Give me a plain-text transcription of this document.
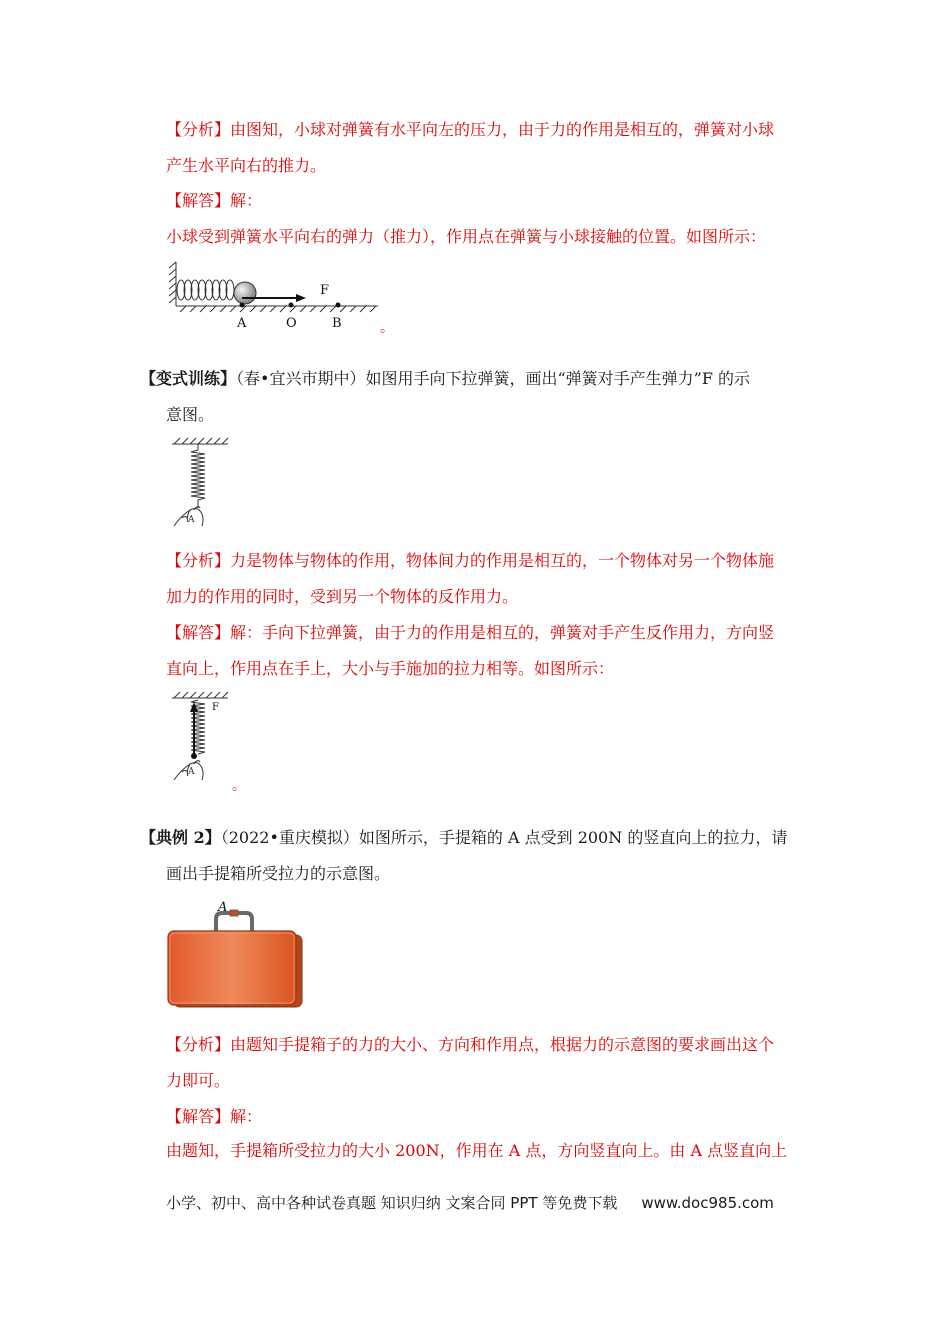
【分析】由图知，小球对弹簧有水平向左的压力，由于力的作用是相互的，弹簧对小球
产生水平向右的推力。
【解答】解：
小球受到弹簧水平向右的弹力（推力），作用点在弹簧与小球接触的位置。如图所示：
F
A	O	B	。
【变式训练】（春•宜兴市期中）如图用手向下拉弹簧，画出“弹簧对手产生弹力”F 的示
意图。
A
【分析】力是物体与物体的作用，物体间力的作用是相互的，一个物体对另一个物体施
加力的作用的同时，受到另一个物体的反作用力。
【解答】解：手向下拉弹簧，由于力的作用是相互的，弹簧对手产生反作用力，方向竖
直向上，作用点在手上，大小与手施加的拉力相等。如图所示：
F
A
。
【典例 2】（2022•重庆模拟）如图所示，手提箱的 A 点受到 200N 的竖直向上的拉力，请
画出手提箱所受拉力的示意图。
A
【分析】由题知手提箱子的力的大小、方向和作用点，根据力的示意图的要求画出这个
力即可。
【解答】解：
由题知，手提箱所受拉力的大小 200N，作用在 A 点，方向竖直向上。由 A 点竖直向上
小学、初中、高中各种试卷真题 知识归纳 文案合同 PPT 等免费下载 www.doc985.com
